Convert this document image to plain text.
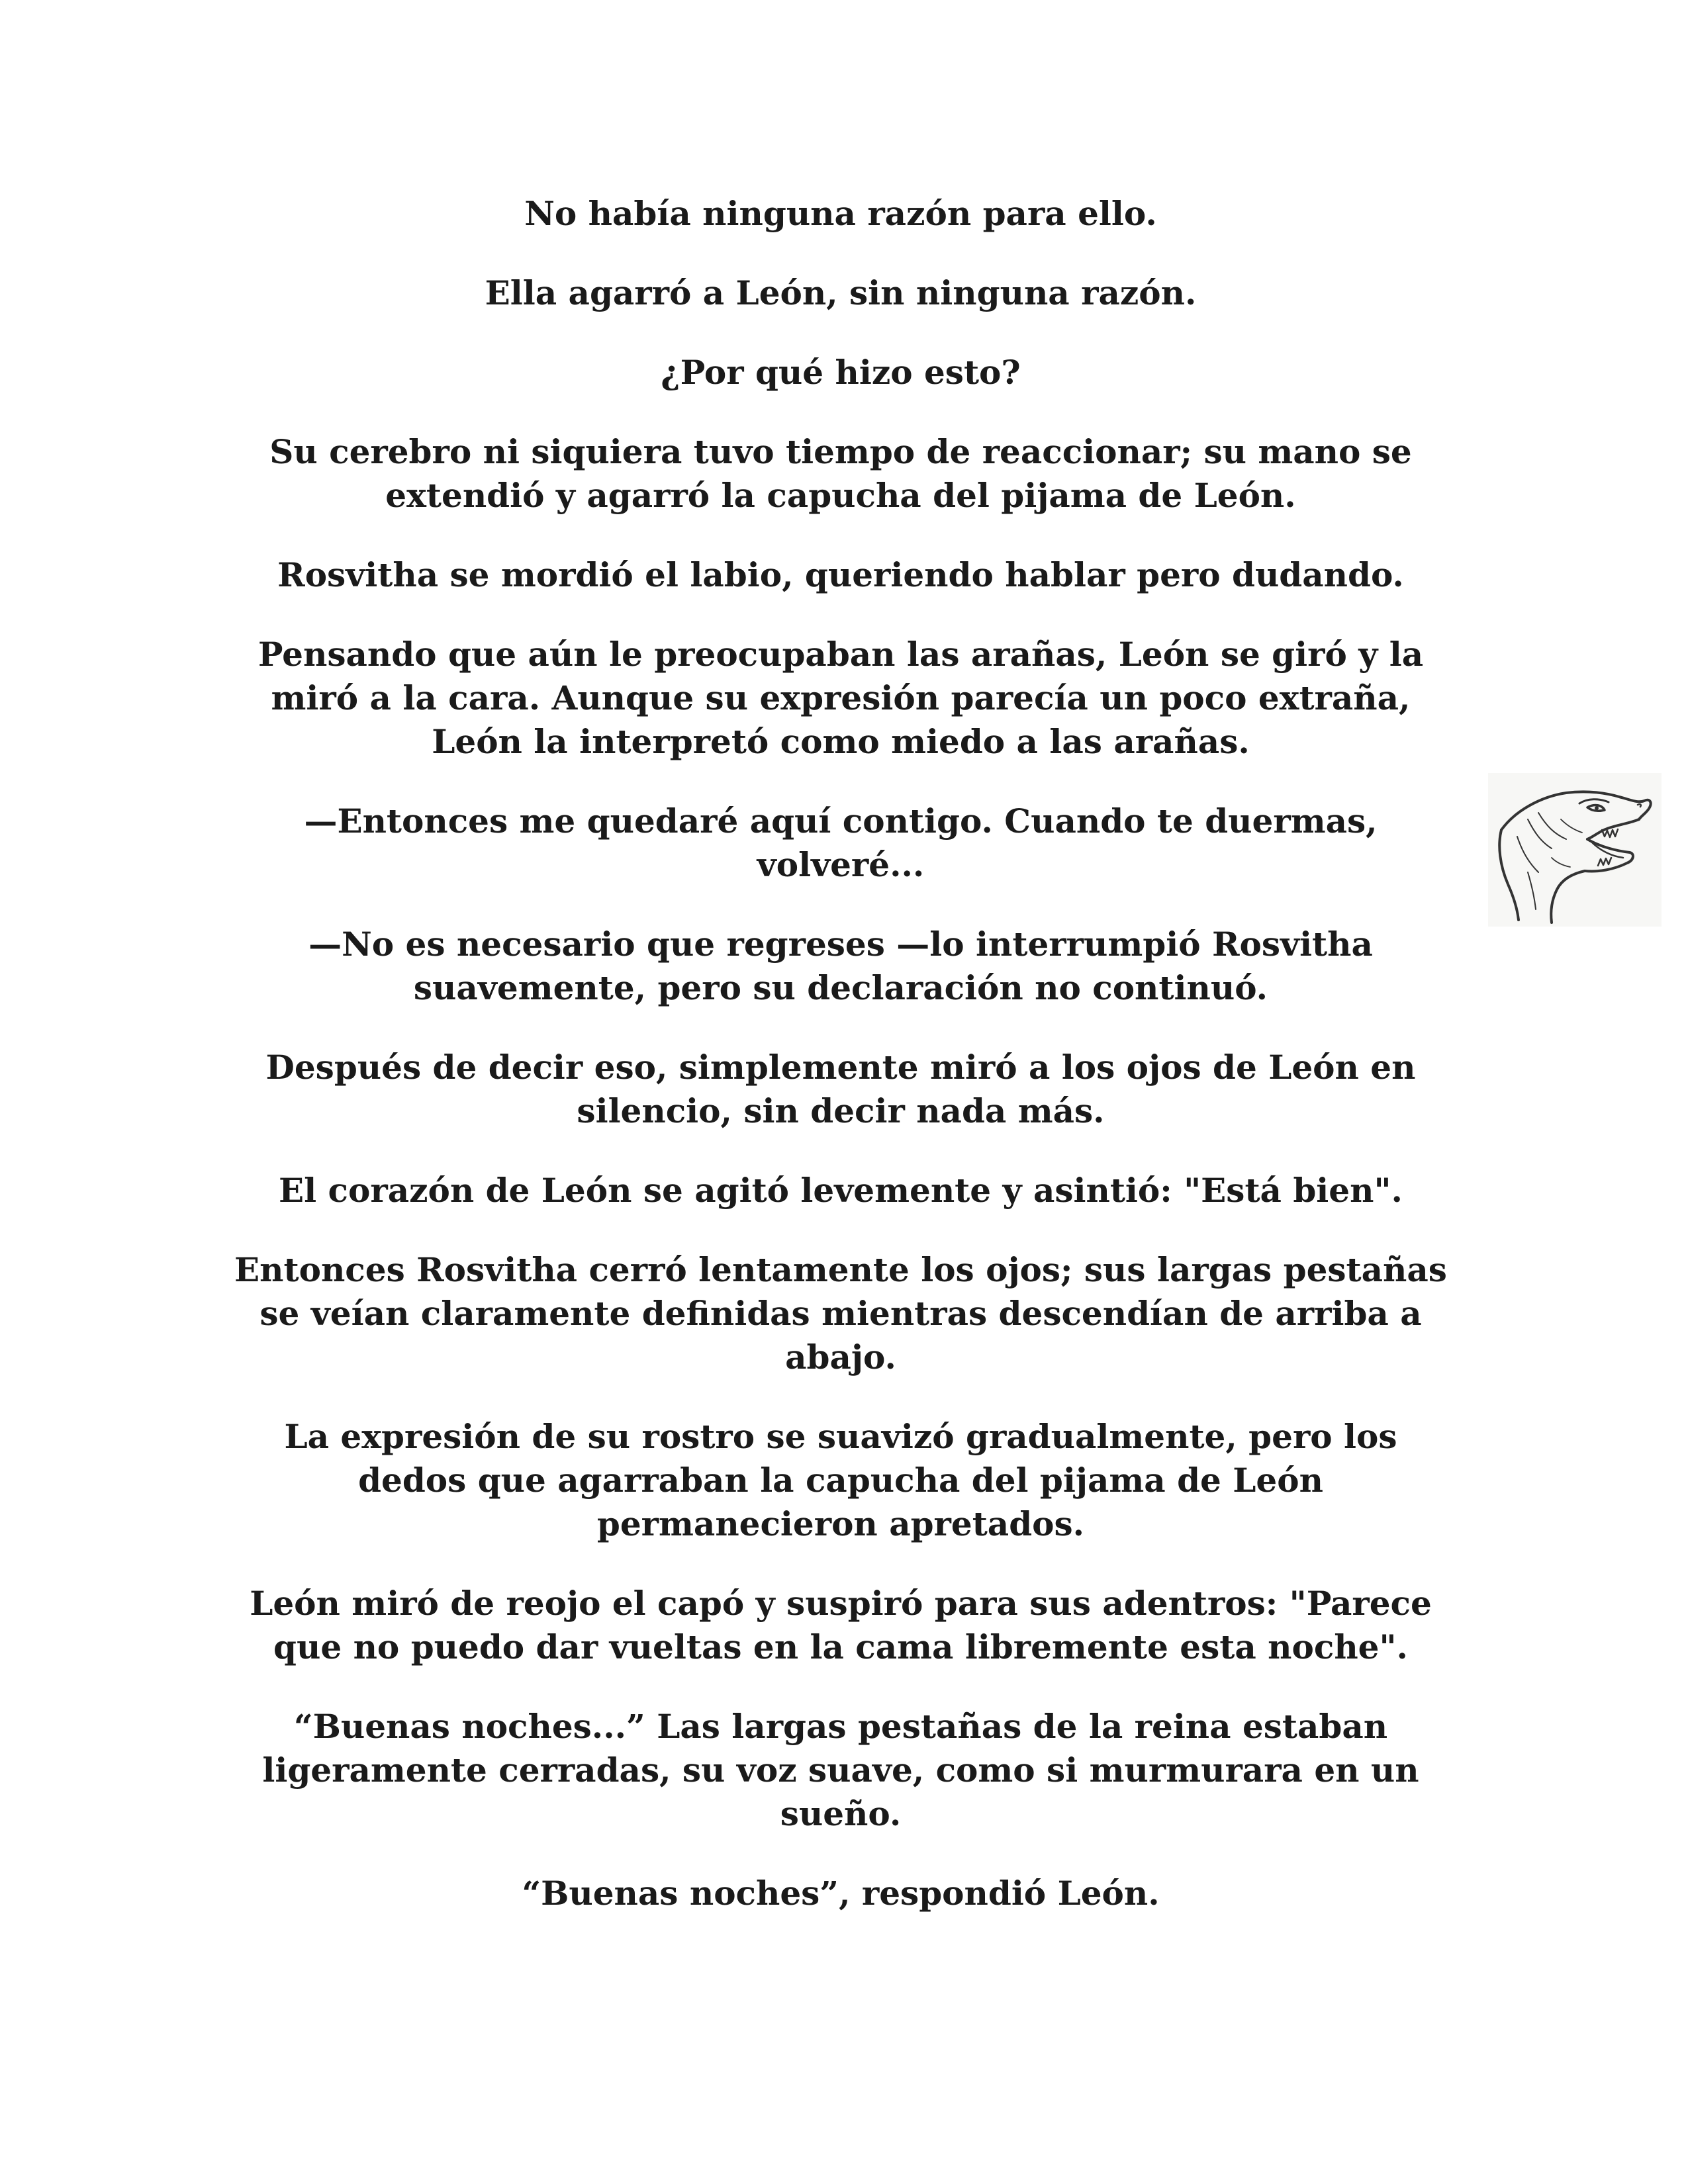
No había ninguna razón para ello.

Ella agarró a León, sin ninguna razón.

¿Por qué hizo esto?

Su cerebro ni siquiera tuvo tiempo de reaccionar; su mano se extendió y agarró la capucha del pijama de León.

Rosvitha se mordió el labio, queriendo hablar pero dudando.

Pensando que aún le preocupaban las arañas, León se giró y la miró a la cara. Aunque su expresión parecía un poco extraña, León la interpretó como miedo a las arañas.

—Entonces me quedaré aquí contigo. Cuando te duermas, volveré...

—No es necesario que regreses —lo interrumpió Rosvitha suavemente, pero su declaración no continuó.

Después de decir eso, simplemente miró a los ojos de León en silencio, sin decir nada más.

El corazón de León se agitó levemente y asintió: "Está bien".

Entonces Rosvitha cerró lentamente los ojos; sus largas pestañas se veían claramente definidas mientras descendían de arriba a abajo.

La expresión de su rostro se suavizó gradualmente, pero los dedos que agarraban la capucha del pijama de León permanecieron apretados.

León miró de reojo el capó y suspiró para sus adentros: "Parece que no puedo dar vueltas en la cama libremente esta noche".

“Buenas noches...” Las largas pestañas de la reina estaban ligeramente cerradas, su voz suave, como si murmurara en un sueño.

“Buenas noches”, respondió León.
